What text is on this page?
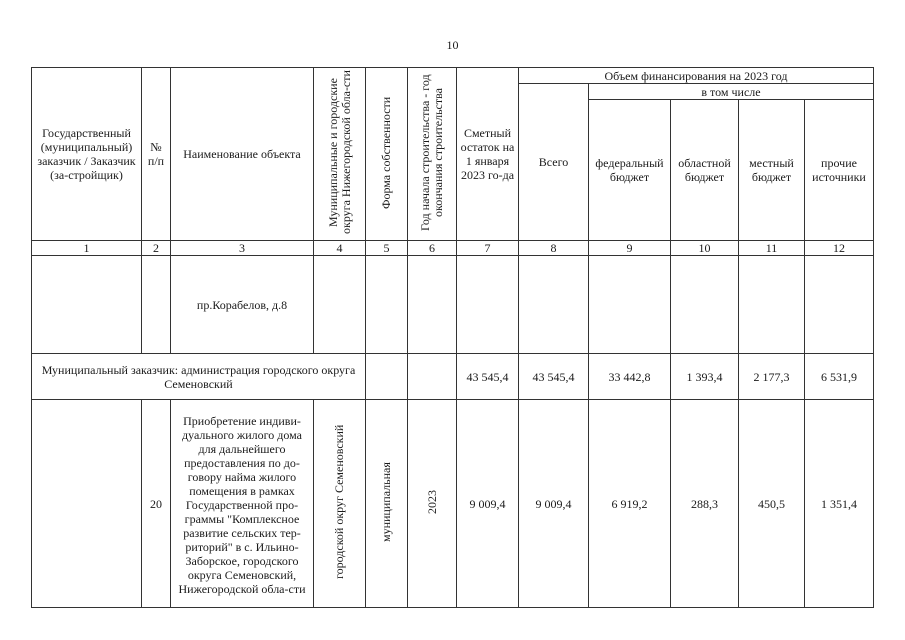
10
Государственный (муниципальный) заказчик / Заказчик (за-стройщик)	№ п/п	Наименование объекта	Муниципальные и городские округа Нижегородской обла-сти	Форма собственности	Год начала строительства - год окончания строительства	Сметный остаток на 1 января 2023 го-да	Объем финансирования на 2023 год				
							Всего	в том числе			
								федеральный бюджет	областной бюджет	местный бюджет	прочие источники
1	2	3	4	5	6	7	8	9	10	11	12
		пр.Корабелов, д.8									
Муниципальный заказчик: администрация городского округа Семеновский						43 545,4	43 545,4	33 442,8	1 393,4	2 177,3	6 531,9
	20	Приобретение индиви-дуального жилого дома для дальнейшего предоставления по до-говору найма жилого помещения в рамках Государственной про-граммы "Комплексное развитие сельских тер-риторий" в с. Ильино-Заборское, городского округа Семеновский, Нижегородской обла-сти	городской округ Семеновский	муниципальная	2023	9 009,4	9 009,4	6 919,2	288,3	450,5	1 351,4
